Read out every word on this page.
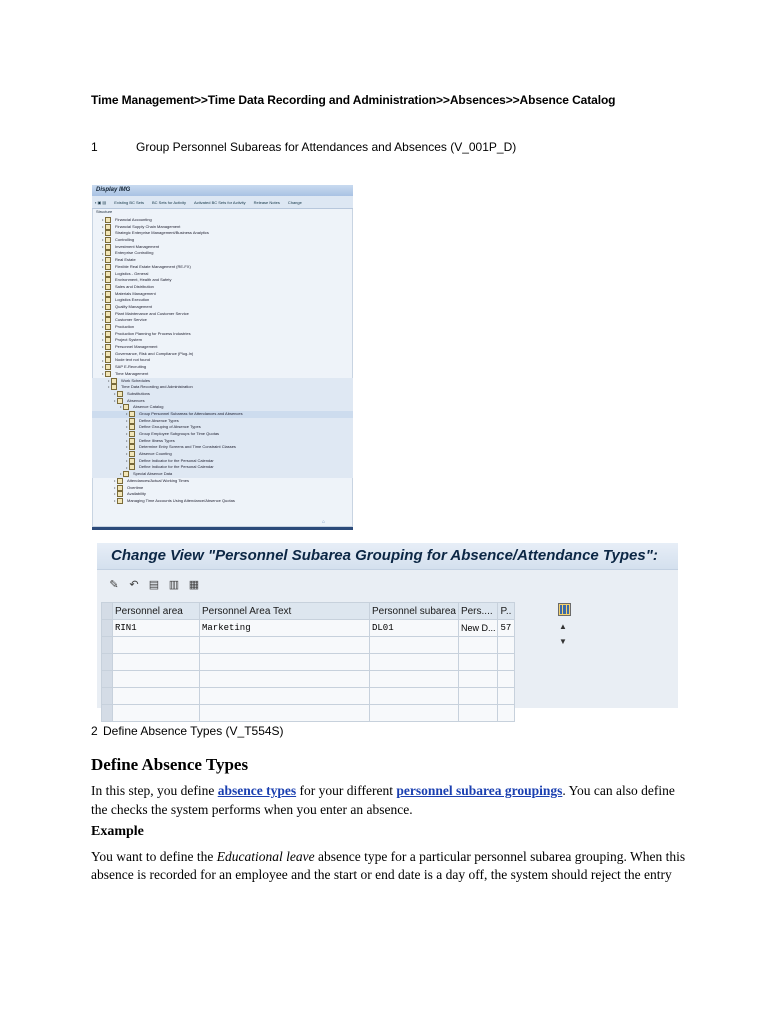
Time Management>>Time Data Recording and Administration>>Absences>>Absence Catalog
1	Group Personnel Subareas for Attendances and Absences (V_001P_D)
Display IMG
▪ ▣ ▤ Existing BC Sets BC Sets for Activity Activated BC Sets for Activity Release Notes Change
Structure
•	Financial Accounting
•	Financial Supply Chain Management
•	Strategic Enterprise Management/Business Analytics
•	Controlling
•	Investment Management
•	Enterprise Controlling
•	Real Estate
•	Flexible Real Estate Management (RE-FX)
•	Logistics - General
•	Environment, Health and Safety
•	Sales and Distribution
•	Materials Management
•	Logistics Execution
•	Quality Management
•	Plant Maintenance and Customer Service
•	Customer Service
•	Production
•	Production Planning for Process Industries
•	Project System
•	Personnel Management
•	Governance, Risk and Compliance (Plug-In)
•	Node text not found
•	SAP E-Recruiting
•	Time Management
•	Work Schedules
•	Time Data Recording and Administration
•	Substitutions
•	Absences
•	Absence Catalog
•	Group Personnel Subareas for Attendances and Absences
•	Define Absence Types
•	Define Grouping of Absence Types
•	Group Employee Subgroups for Time Quotas
•	Define Illness Types
•	Determine Entry Screens and Time Constraint Classes
•	Absence Counting
•	Define Indicator for the Personal Calendar
•	Define Indicator for the Personal Calendar
•	Special Absence Data
•	Attendances/Actual Working Times
•	Overtime
•	Availability
•	Managing Time Accounts Using Attendance/Absence Quotas
⌂
Change View "Personnel Subarea Grouping for Absence/Attendance Types":
✎ ↶ ▤ ▥ ▦
	Personnel area	Personnel Area Text	Personnel subarea	Pers....	P..
	RIN1	Marketing	DL01	New D...	57

						▲
▼
2 Define Absence Types (V_T554S)
Define Absence Types
In this step, you define absence types for your different personnel subarea groupings. You can also define the checks the system performs when you enter an absence.
Example
You want to define the Educational leave absence type for a particular personnel subarea grouping. When this absence is recorded for an employee and the start or end date is a day off, the system should reject the entry
